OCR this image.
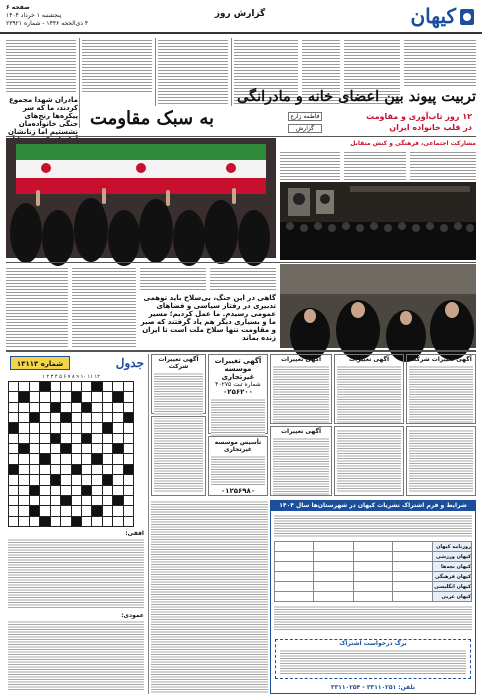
کیهان
گزارش روز
صفحه ۶
پنجشنبه ۱ خرداد ۱۴۰۴
۴ ذی‌الحجه ۱۴۴۶ - شماره ۲۳۹۲۱
مادران شهدا مجموع کردند، ما که سر پیکره‌ها رنج‌های جنگی خانواده‌مان نشستیم اما زنانشان
تربیت پیوند بین اعضای خانه و مادرانگی
به سبک مقاومت	۱۲ روز تاب‌آوری و مقاومت
در قلب خانواده ایران
فاطمه زارع
گزارش
مشارکت اجتماعی، فرهنگی و کنش متقابل
گاهی در این جنگ، بی‌سلاح باید توهمی تدبیری در رفتار سیاسی و فضاهای عمومی رسیدم. ما عمل کردیم؛ مسیر ما و بسیاری دیگر هم یاد گرفتند که صبر و مقاومت تنها سلاح ملت است تا ایران زنده بماند
شماره ۱۳۱۱۳	جدول
۱ ۲ ۳ ۴ ۵ ۶ ۷ ۸ ۹ ۱۰ ۱۱ ۱۲
افقی:
عمودی:
آگهی تغییرات شرکت
آگهی تغییرات
موسسه غیرتجاری
شماره ثبت ۴۰۲۷۵
۰۲۵۶۲۰۰
تأسیس موسسه غیرتجاری
۰۱۲۵۶۹۸۰
آگهی تغییرات
آگهی تغییرات
آگهی تغییرات	آگهی تغییرات شرکت
شرایط و فرم اشتراک نشریات کیهان در شهرستان‌ها سال ۱۴۰۴
روزنامه کیهان				
کیهان ورزشی				
کیهان بچه‌ها				
کیهان فرهنگی				
کیهان انگلیسی				
کیهان عربی				
برگ درخواست اشتراک
تلفن: ۳۳۱۱۰۲۵۱ - ۳۳۱۱۰۲۵۴
